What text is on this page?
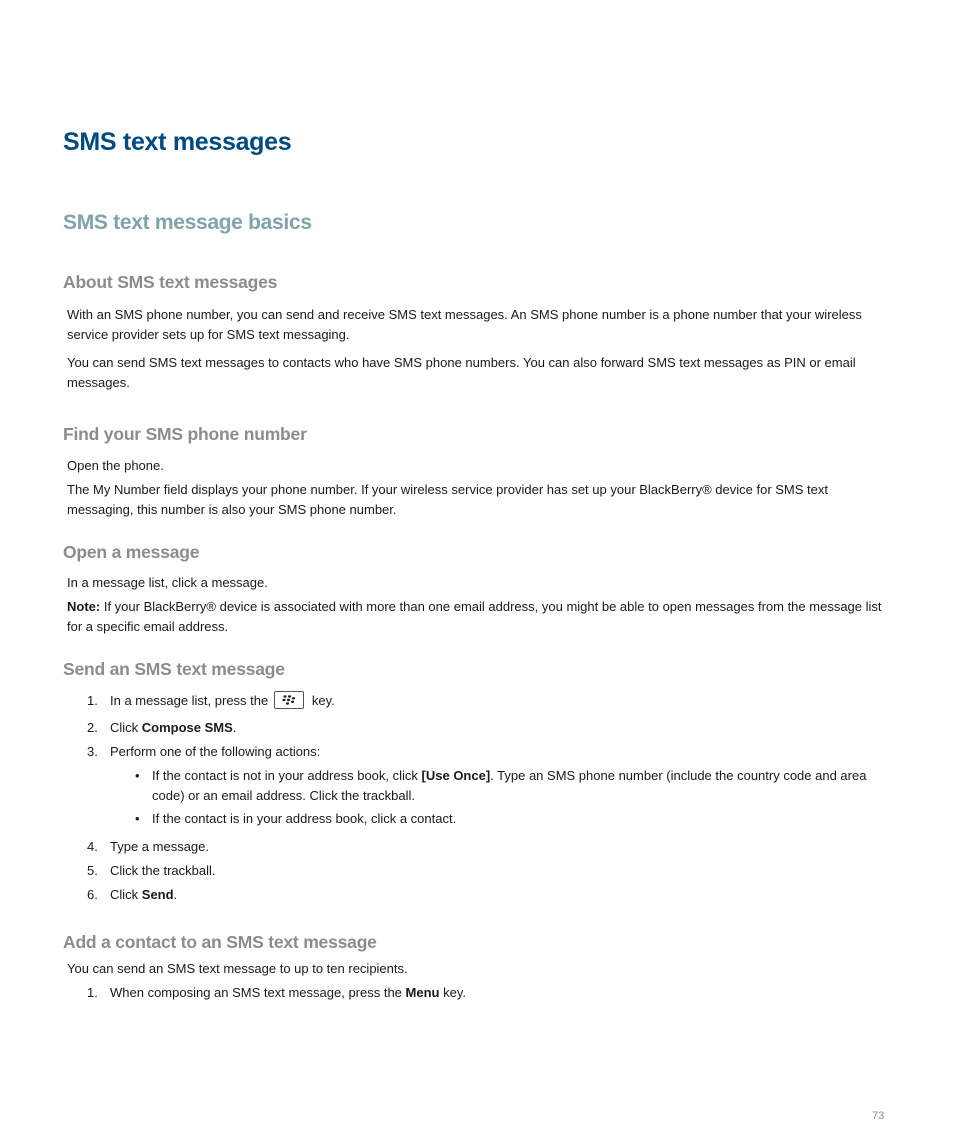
SMS text messages
SMS text message basics
About SMS text messages

With an SMS phone number, you can send and receive SMS text messages. An SMS phone number is a phone number that your wireless service provider sets up for SMS text messaging.

You can send SMS text messages to contacts who have SMS phone numbers. You can also forward SMS text messages as PIN or email messages.

Find your SMS phone number

Open the phone.

The My Number field displays your phone number. If your wireless service provider has set up your BlackBerry® device for SMS text messaging, this number is also your SMS phone number.

Open a message

In a message list, click a message.

Note: If your BlackBerry® device is associated with more than one email address, you might be able to open messages from the message list for a specific email address.

Send an SMS text message
1. In a message list, press the	key.

2. Click Compose SMS.

3. Perform one of the following actions:

• If the contact is not in your address book, click [Use Once]. Type an SMS phone number (include the country code and area code) or an email address. Click the trackball.

• If the contact is in your address book, click a contact.

4. Type a message.

5. Click the trackball.

6. Click Send.

Add a contact to an SMS text message

You can send an SMS text message to up to ten recipients.

1. When composing an SMS text message, press the Menu key.

73
